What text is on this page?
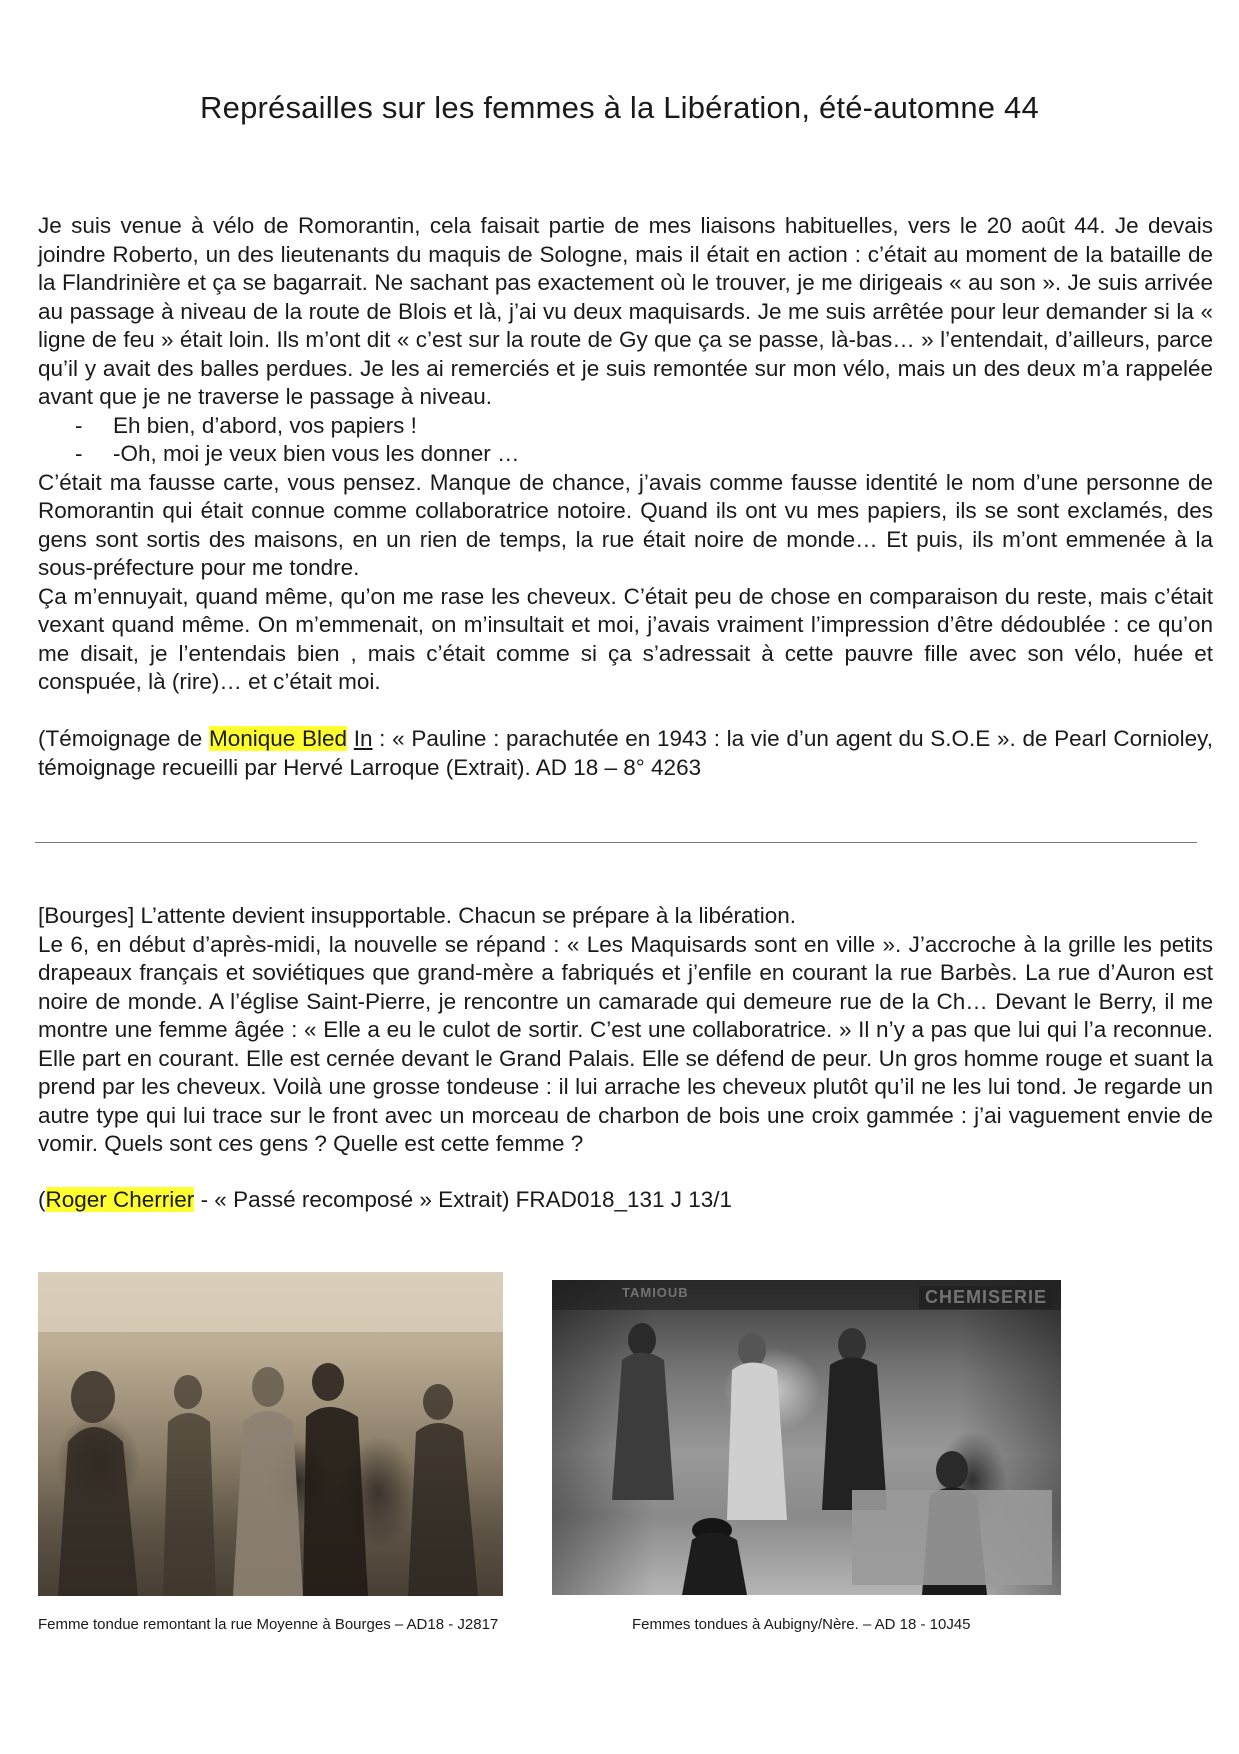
Représailles sur les femmes à la Libération, été-automne 44

Je suis venue à vélo de Romorantin, cela faisait partie de mes liaisons habituelles, vers le 20 août 44. Je devais joindre Roberto, un des lieutenants du maquis de Sologne, mais il était en action : c’était au moment de la bataille de la Flandrinière et ça se bagarrait. Ne sachant pas exactement où le trouver, je me dirigeais « au son ». Je suis arrivée au passage à niveau de la route de Blois et là, j’ai vu deux maquisards. Je me suis arrêtée pour leur demander si la « ligne de feu » était loin. Ils m’ont dit « c’est sur la route de Gy que ça se passe, là-bas… » l’entendait, d’ailleurs, parce qu’il y avait des balles perdues. Je les ai remerciés et je suis remontée sur mon vélo, mais un des deux m’a rappelée avant que je ne traverse le passage à niveau.

- Eh bien, d’abord, vos papiers !
- -Oh, moi je veux bien vous les donner …

C’était ma fausse carte, vous pensez. Manque de chance, j’avais comme fausse identité le nom d’une personne de Romorantin qui était connue comme collaboratrice notoire. Quand ils ont vu mes papiers, ils se sont exclamés, des gens sont sortis des maisons, en un rien de temps, la rue était noire de monde… Et puis, ils m’ont emmenée à la sous-préfecture pour me tondre.

Ça m’ennuyait, quand même, qu’on me rase les cheveux. C’était peu de chose en comparaison du reste, mais c’était vexant quand même. On m’emmenait, on m’insultait et moi, j’avais vraiment l’impression d’être dédoublée : ce qu’on me disait, je l’entendais bien , mais c’était comme si ça s’adressait à cette pauvre fille avec son vélo, huée et conspuée, là (rire)… et c’était moi.

(Témoignage de Monique Bled In : « Pauline : parachutée en 1943 : la vie d’un agent du S.O.E ». de Pearl Cornioley, témoignage recueilli par Hervé Larroque (Extrait). AD 18 – 8° 4263

[Bourges] L’attente devient insupportable. Chacun se prépare à la libération.

Le 6, en début d’après-midi, la nouvelle se répand : « Les Maquisards sont en ville ». J’accroche à la grille les petits drapeaux français et soviétiques que grand-mère a fabriqués et j’enfile en courant la rue Barbès. La rue d’Auron est noire de monde. A l’église Saint-Pierre, je rencontre un camarade qui demeure rue de la Ch… Devant le Berry, il me montre une femme âgée : « Elle a eu le culot de sortir. C’est une collaboratrice. » Il n’y a pas que lui qui l’a reconnue. Elle part en courant. Elle est cernée devant le Grand Palais. Elle se défend de peur. Un gros homme rouge et suant la prend par les cheveux. Voilà une grosse tondeuse : il lui arrache les cheveux plutôt qu’il ne les lui tond. Je regarde un autre type qui lui trace sur le front avec un morceau de charbon de bois une croix gammée : j’ai vaguement envie de vomir. Quels sont ces gens ? Quelle est cette femme ?

(Roger Cherrier - « Passé recomposé » Extrait) FRAD018_131 J 13/1

Femme tondue remontant la rue Moyenne à Bourges – AD18 - J2817	Femmes tondues à Aubigny/Nère. – AD 18 - 10J45
